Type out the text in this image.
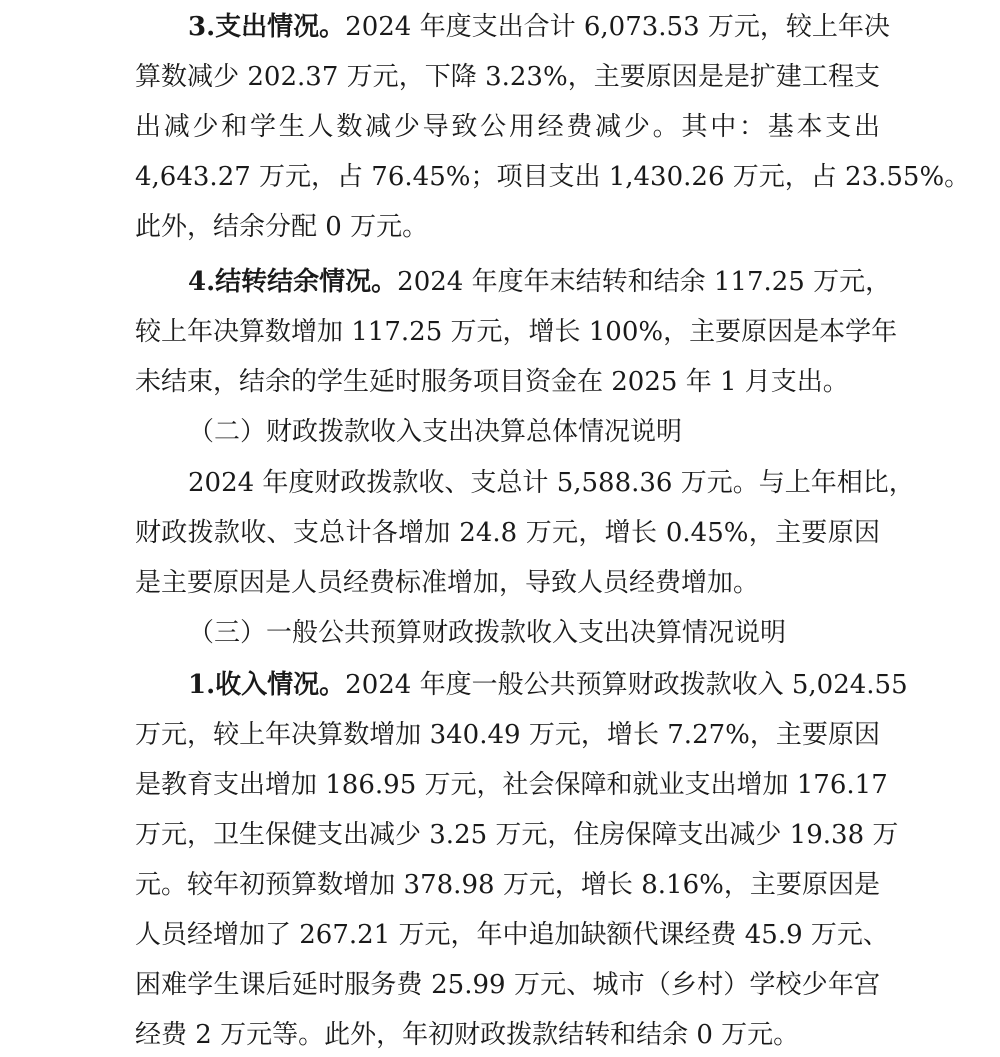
3.支出情况。2024 年度支出合计 6,073.53 万元，较上年决
算数减少 202.37 万元，下降 3.23%，主要原因是是扩建工程支
出减少和学生人数减少导致公用经费减少。其中：基本支出
4,643.27 万元，占 76.45%；项目支出 1,430.26 万元，占 23.55%。
此外，结余分配 0 万元。
4.结转结余情况。2024 年度年末结转和结余 117.25 万元，
较上年决算数增加 117.25 万元，增长 100%，主要原因是本学年
未结束，结余的学生延时服务项目资金在 2025 年 1 月支出。
（二）财政拨款收入支出决算总体情况说明
2024 年度财政拨款收、支总计 5,588.36 万元。与上年相比，
财政拨款收、支总计各增加 24.8 万元，增长 0.45%，主要原因
是主要原因是人员经费标准增加，导致人员经费增加。
（三）一般公共预算财政拨款收入支出决算情况说明
1.收入情况。2024 年度一般公共预算财政拨款收入 5,024.55
万元，较上年决算数增加 340.49 万元，增长 7.27%，主要原因
是教育支出增加 186.95 万元，社会保障和就业支出增加 176.17
万元，卫生保健支出减少 3.25 万元，住房保障支出减少 19.38 万
元。较年初预算数增加 378.98 万元，增长 8.16%，主要原因是
人员经增加了 267.21 万元，年中追加缺额代课经费 45.9 万元、
困难学生课后延时服务费 25.99 万元、城市（乡村）学校少年宫
经费 2 万元等。此外，年初财政拨款结转和结余 0 万元。
